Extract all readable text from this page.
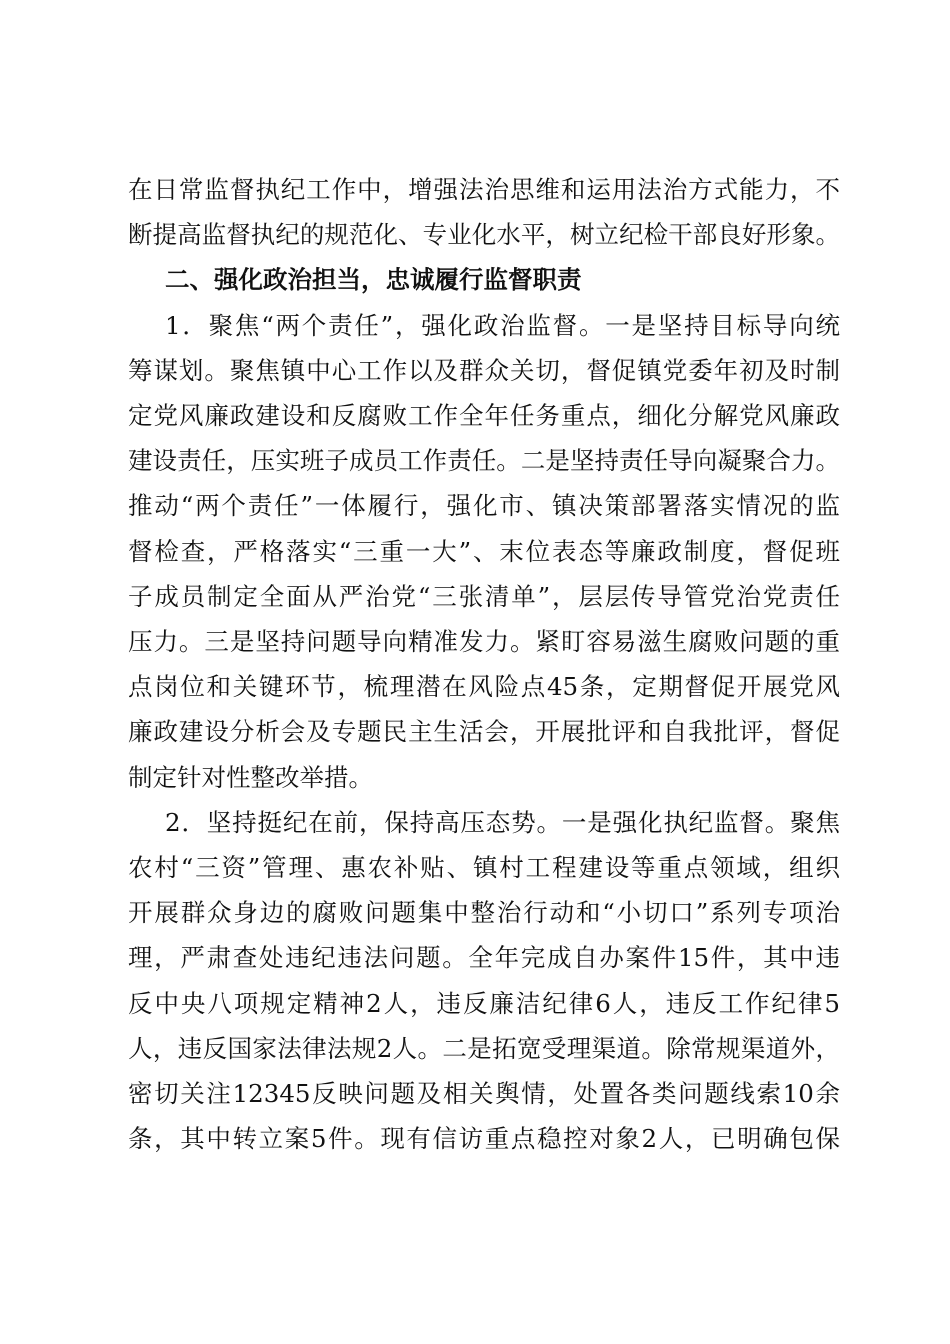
在日常监督执纪工作中，增强法治思维和运用法治方式能力，不
断提高监督执纪的规范化、专业化水平，树立纪检干部良好形象。
二、强化政治担当，忠诚履行监督职责
1．聚焦“两个责任”，强化政治监督。一是坚持目标导向统
筹谋划。聚焦镇中心工作以及群众关切，督促镇党委年初及时制
定党风廉政建设和反腐败工作全年任务重点，细化分解党风廉政
建设责任，压实班子成员工作责任。二是坚持责任导向凝聚合力。
推动“两个责任”一体履行，强化市、镇决策部署落实情况的监
督检查，严格落实“三重一大”、末位表态等廉政制度，督促班
子成员制定全面从严治党“三张清单”，层层传导管党治党责任
压力。三是坚持问题导向精准发力。紧盯容易滋生腐败问题的重
点岗位和关键环节，梳理潜在风险点45条，定期督促开展党风
廉政建设分析会及专题民主生活会，开展批评和自我批评，督促
制定针对性整改举措。
2．坚持挺纪在前，保持高压态势。一是强化执纪监督。聚焦
农村“三资”管理、惠农补贴、镇村工程建设等重点领域，组织
开展群众身边的腐败问题集中整治行动和“小切口”系列专项治
理，严肃查处违纪违法问题。全年完成自办案件15件，其中违
反中央八项规定精神2人，违反廉洁纪律6人，违反工作纪律5
人，违反国家法律法规2人。二是拓宽受理渠道。除常规渠道外，
密切关注12345反映问题及相关舆情，处置各类问题线索10余
条，其中转立案5件。现有信访重点稳控对象2人，已明确包保
